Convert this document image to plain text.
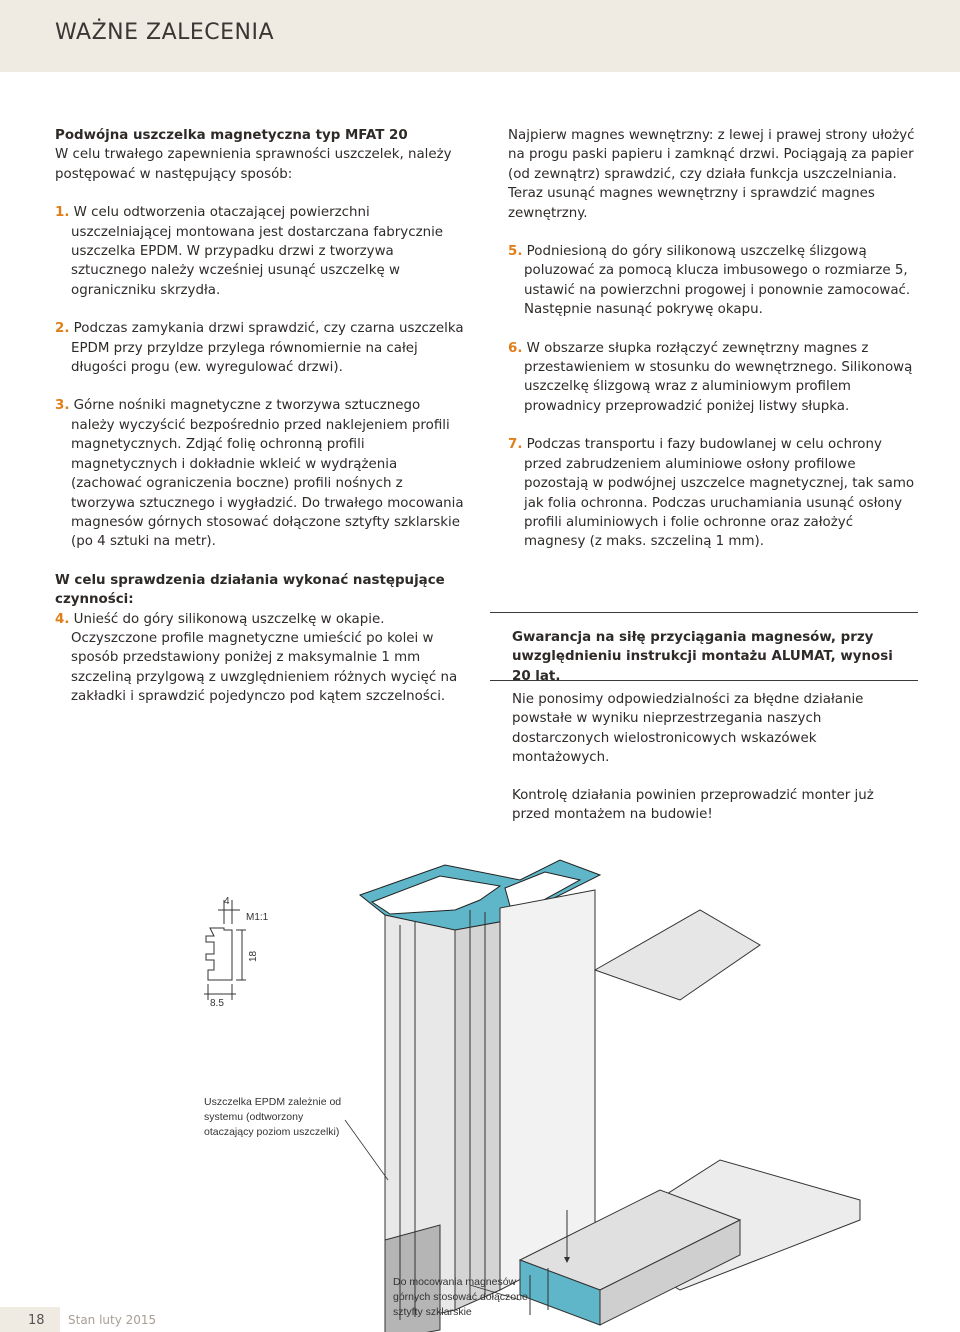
WAŻNE ZALECENIA

Podwójna uszczelka magnetyczna typ MFAT 20

W celu trwałego zapewnienia sprawności uszczelek, należy postępować w następujący sposób:

1. W celu odtworzenia otaczającej powierzchni uszczelniającej montowana jest dostarczana fabrycznie uszczelka EPDM. W przypadku drzwi z tworzywa sztucznego należy wcześniej usunąć uszczelkę w ograniczniku skrzydła.

2. Podczas zamykania drzwi sprawdzić, czy czarna uszczelka EPDM przy przyldze przylega równomiernie na całej długości progu (ew. wyregulować drzwi).

3. Górne nośniki magnetyczne z tworzywa sztucznego należy wyczyścić bezpośrednio przed naklejeniem profili magnetycznych. Zdjąć folię ochronną profili magnetycznych i dokładnie wkleić w wydrążenia (zachować ograniczenia boczne) profili nośnych z tworzywa sztucznego i wygładzić. Do trwałego mocowania magnesów górnych stosować dołączone sztyfty szklarskie (po 4 sztuki na metr).

W celu sprawdzenia działania wykonać następujące czynności:

4. Unieść do góry silikonową uszczelkę w okapie. Oczyszczone profile magnetyczne umieścić po kolei w sposób przedstawiony poniżej z maksymalnie 1 mm szczeliną przylgową z uwzględnieniem różnych wycięć na zakładki i sprawdzić pojedynczo pod kątem szczelności.

Najpierw magnes wewnętrzny: z lewej i prawej strony ułożyć na progu paski papieru i zamknąć drzwi. Pociągają za papier (od zewnątrz) sprawdzić, czy działa funkcja uszczelniania. Teraz usunąć magnes wewnętrzny i sprawdzić magnes zewnętrzny.

5. Podniesioną do góry silikonową uszczelkę ślizgową poluzować za pomocą klucza imbusowego o rozmiarze 5, ustawić na powierzchni progowej i ponownie zamocować. Następnie nasunąć pokrywę okapu.

6. W obszarze słupka rozłączyć zewnętrzny magnes z przestawieniem w stosunku do wewnętrznego. Silikonową uszczelkę ślizgową wraz z aluminiowym profilem prowadnicy przeprowadzić poniżej listwy słupka.

7. Podczas transportu i fazy budowlanej w celu ochrony przed zabrudzeniem aluminiowe osłony profilowe pozostają w podwójnej uszczelce magnetycznej, tak samo jak folia ochronna. Podczas uruchamiania usunąć osłony profili aluminiowych i folie ochronne oraz założyć magnesy (z maks. szczeliną 1 mm).

Gwarancja na siłę przyciągania magnesów, przy uwzględnieniu instrukcji montażu ALUMAT, wynosi 20 lat.

Nie ponosimy odpowiedzialności za błędne działanie powstałe w wyniku nieprzestrzegania naszych dostarczonych wielostronicowych wskazówek montażowych.

Kontrolę działania powinien przeprowadzić monter już przed montażem na budowie!

4
M1:1
18
8.5
Uszczelka EPDM zależnie od
systemu (odtworzony
otaczający poziom uszczelki)
Do mocowania magnesów
górnych stosować dołączone
sztyfty szklarskie
18 Stan luty 2015
